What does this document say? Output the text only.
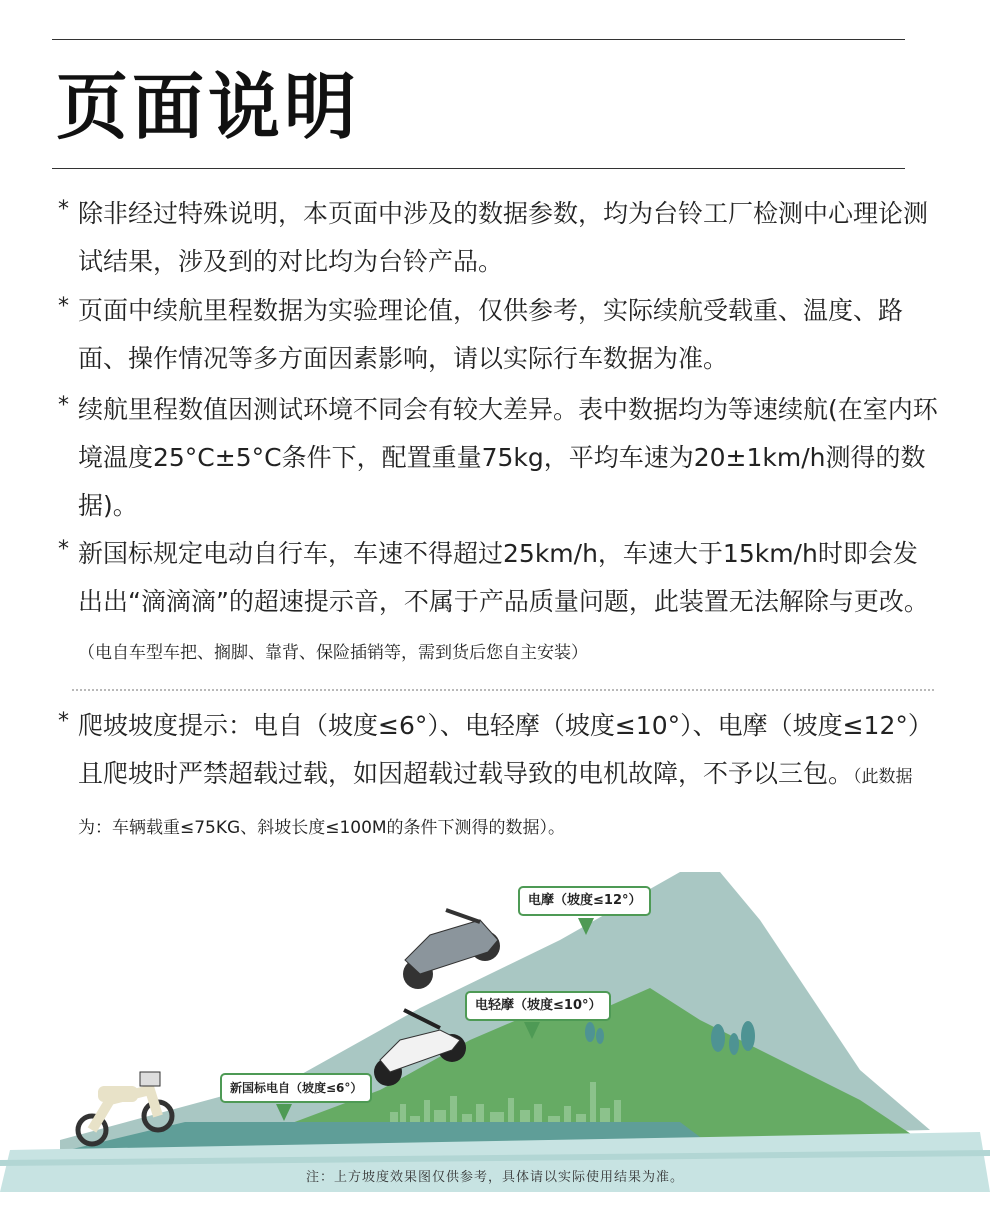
页面说明
* 除非经过特殊说明，本页面中涉及的数据参数，均为台铃工厂检测中心理论测试结果，涉及到的对比均为台铃产品。
* 页面中续航里程数据为实验理论值，仅供参考，实际续航受载重、温度、路面、操作情况等多方面因素影响，请以实际行车数据为准。
* 续航里程数值因测试环境不同会有较大差异。表中数据均为等速续航(在室内环境温度25°C±5°C条件下，配置重量75kg，平均车速为20±1km/h测得的数据)。
* 新国标规定电动自行车，车速不得超过25km/h，车速大于15km/h时即会发出出“滴滴滴”的超速提示音，不属于产品质量问题，此装置无法解除与更改。（电自车型车把、搁脚、靠背、保险插销等，需到货后您自主安装）
* 爬坡坡度提示：电自（坡度≤6°）、电轻摩（坡度≤10°）、电摩（坡度≤12°）且爬坡时严禁超载过载，如因超载过载导致的电机故障，不予以三包。（此数据为：车辆载重≤75KG、斜坡长度≤100M的条件下测得的数据）。
电摩（坡度≤12°）
电轻摩（坡度≤10°）
新国标电自（坡度≤6°）
注：上方坡度效果图仅供参考，具体请以实际使用结果为准。
